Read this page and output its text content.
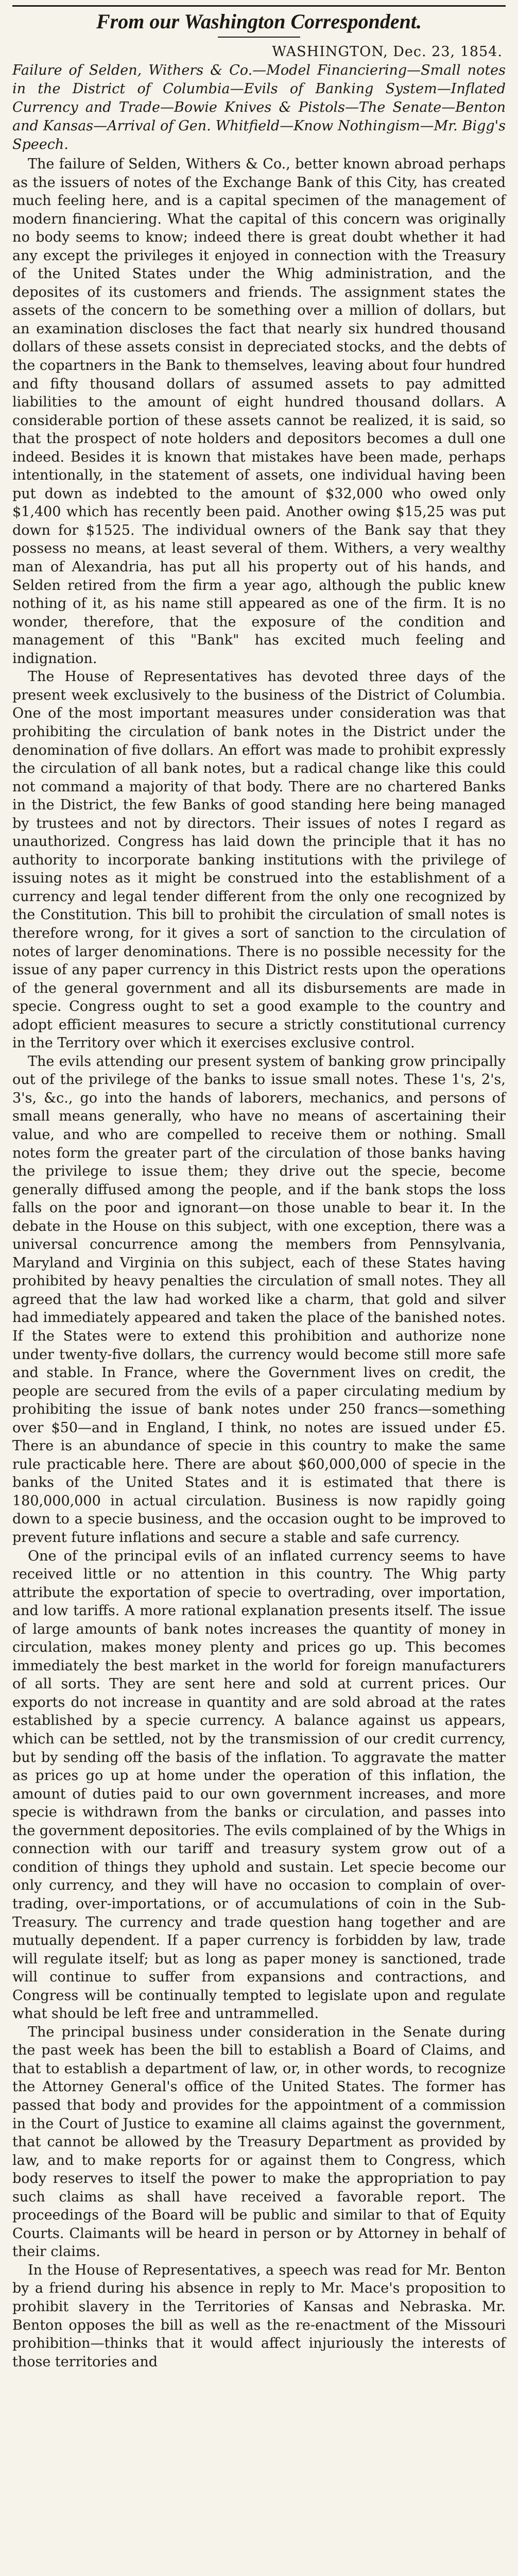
From our Washington Correspondent.
WASHINGTON, Dec. 23, 1854.
Failure of Selden, Withers & Co.—Model Financiering—Small notes in the District of Columbia—Evils of Banking System—Inflated Currency and Trade—Bowie Knives & Pistols—The Senate—Benton and Kansas—Arrival of Gen. Whitfield—Know Nothingism—Mr. Bigg's Speech.

The failure of Selden, Withers & Co., better known abroad perhaps as the issuers of notes of the Exchange Bank of this City, has created much feeling here, and is a capital specimen of the management of modern financiering. What the capital of this concern was originally no body seems to know; indeed there is great doubt whether it had any except the privileges it enjoyed in connection with the Treasury of the United States under the Whig administration, and the deposites of its customers and friends. The assignment states the assets of the concern to be something over a million of dollars, but an examination discloses the fact that nearly six hundred thousand dollars of these assets consist in depreciated stocks, and the debts of the copartners in the Bank to themselves, leaving about four hundred and fifty thousand dollars of assumed assets to pay admitted liabilities to the amount of eight hundred thousand dollars. A considerable portion of these assets cannot be realized, it is said, so that the prospect of note holders and depositors becomes a dull one indeed. Besides it is known that mistakes have been made, perhaps intentionally, in the statement of assets, one individual having been put down as indebted to the amount of $32,000 who owed only $1,400 which has recently been paid. Another owing $15,25 was put down for $1525. The individual owners of the Bank say that they possess no means, at least several of them. Withers, a very wealthy man of Alexandria, has put all his property out of his hands, and Selden retired from the firm a year ago, although the public knew nothing of it, as his name still appeared as one of the firm. It is no wonder, therefore, that the exposure of the condition and management of this "Bank" has excited much feeling and indignation.

The House of Representatives has devoted three days of the present week exclusively to the business of the District of Columbia. One of the most important measures under consideration was that prohibiting the circulation of bank notes in the District under the denomination of five dollars. An effort was made to prohibit expressly the circulation of all bank notes, but a radical change like this could not command a majority of that body. There are no chartered Banks in the District, the few Banks of good standing here being managed by trustees and not by directors. Their issues of notes I regard as unauthorized. Congress has laid down the principle that it has no authority to incorporate banking institutions with the privilege of issuing notes as it might be construed into the establishment of a currency and legal tender different from the only one recognized by the Constitution. This bill to prohibit the circulation of small notes is therefore wrong, for it gives a sort of sanction to the circulation of notes of larger denominations. There is no possible necessity for the issue of any paper currency in this District rests upon the operations of the general government and all its disbursements are made in specie. Congress ought to set a good example to the country and adopt efficient measures to secure a strictly constitutional currency in the Territory over which it exercises exclusive control.

The evils attending our present system of banking grow principally out of the privilege of the banks to issue small notes. These 1's, 2's, 3's, &c., go into the hands of laborers, mechanics, and persons of small means generally, who have no means of ascertaining their value, and who are compelled to receive them or nothing. Small notes form the greater part of the circulation of those banks having the privilege to issue them; they drive out the specie, become generally diffused among the people, and if the bank stops the loss falls on the poor and ignorant—on those unable to bear it. In the debate in the House on this subject, with one exception, there was a universal concurrence among the members from Pennsylvania, Maryland and Virginia on this subject, each of these States having prohibited by heavy penalties the circulation of small notes. They all agreed that the law had worked like a charm, that gold and silver had immediately appeared and taken the place of the banished notes. If the States were to extend this prohibition and authorize none under twenty-five dollars, the currency would become still more safe and stable. In France, where the Government lives on credit, the people are secured from the evils of a paper circulating medium by prohibiting the issue of bank notes under 250 francs—something over $50—and in England, I think, no notes are issued under £5. There is an abundance of specie in this country to make the same rule practicable here. There are about $60,000,000 of specie in the banks of the United States and it is estimated that there is 180,000,000 in actual circulation. Business is now rapidly going down to a specie business, and the occasion ought to be improved to prevent future inflations and secure a stable and safe currency.

One of the principal evils of an inflated currency seems to have received little or no attention in this country. The Whig party attribute the exportation of specie to overtrading, over importation, and low tariffs. A more rational explanation presents itself. The issue of large amounts of bank notes increases the quantity of money in circulation, makes money plenty and prices go up. This becomes immediately the best market in the world for foreign manufacturers of all sorts. They are sent here and sold at current prices. Our exports do not increase in quantity and are sold abroad at the rates established by a specie currency. A balance against us appears, which can be settled, not by the transmission of our credit currency, but by sending off the basis of the inflation. To aggravate the matter as prices go up at home under the operation of this inflation, the amount of duties paid to our own government increases, and more specie is withdrawn from the banks or circulation, and passes into the government depositories. The evils complained of by the Whigs in connection with our tariff and treasury system grow out of a condition of things they uphold and sustain. Let specie become our only currency, and they will have no occasion to complain of over-trading, over-importations, or of accumulations of coin in the Sub-Treasury. The currency and trade question hang together and are mutually dependent. If a paper currency is forbidden by law, trade will regulate itself; but as long as paper money is sanctioned, trade will continue to suffer from expansions and contractions, and Congress will be continually tempted to legislate upon and regulate what should be left free and untrammelled.

The principal business under consideration in the Senate during the past week has been the bill to establish a Board of Claims, and that to establish a department of law, or, in other words, to recognize the Attorney General's office of the United States. The former has passed that body and provides for the appointment of a commission in the Court of Justice to examine all claims against the government, that cannot be allowed by the Treasury Department as provided by law, and to make reports for or against them to Congress, which body reserves to itself the power to make the appropriation to pay such claims as shall have received a favorable report. The proceedings of the Board will be public and similar to that of Equity Courts. Claimants will be heard in person or by Attorney in behalf of their claims.

In the House of Representatives, a speech was read for Mr. Benton by a friend during his absence in reply to Mr. Mace's proposition to prohibit slavery in the Territories of Kansas and Nebraska. Mr. Benton opposes the bill as well as the re-enactment of the Missouri prohibition—thinks that it would affect injuriously the interests of those territories and
